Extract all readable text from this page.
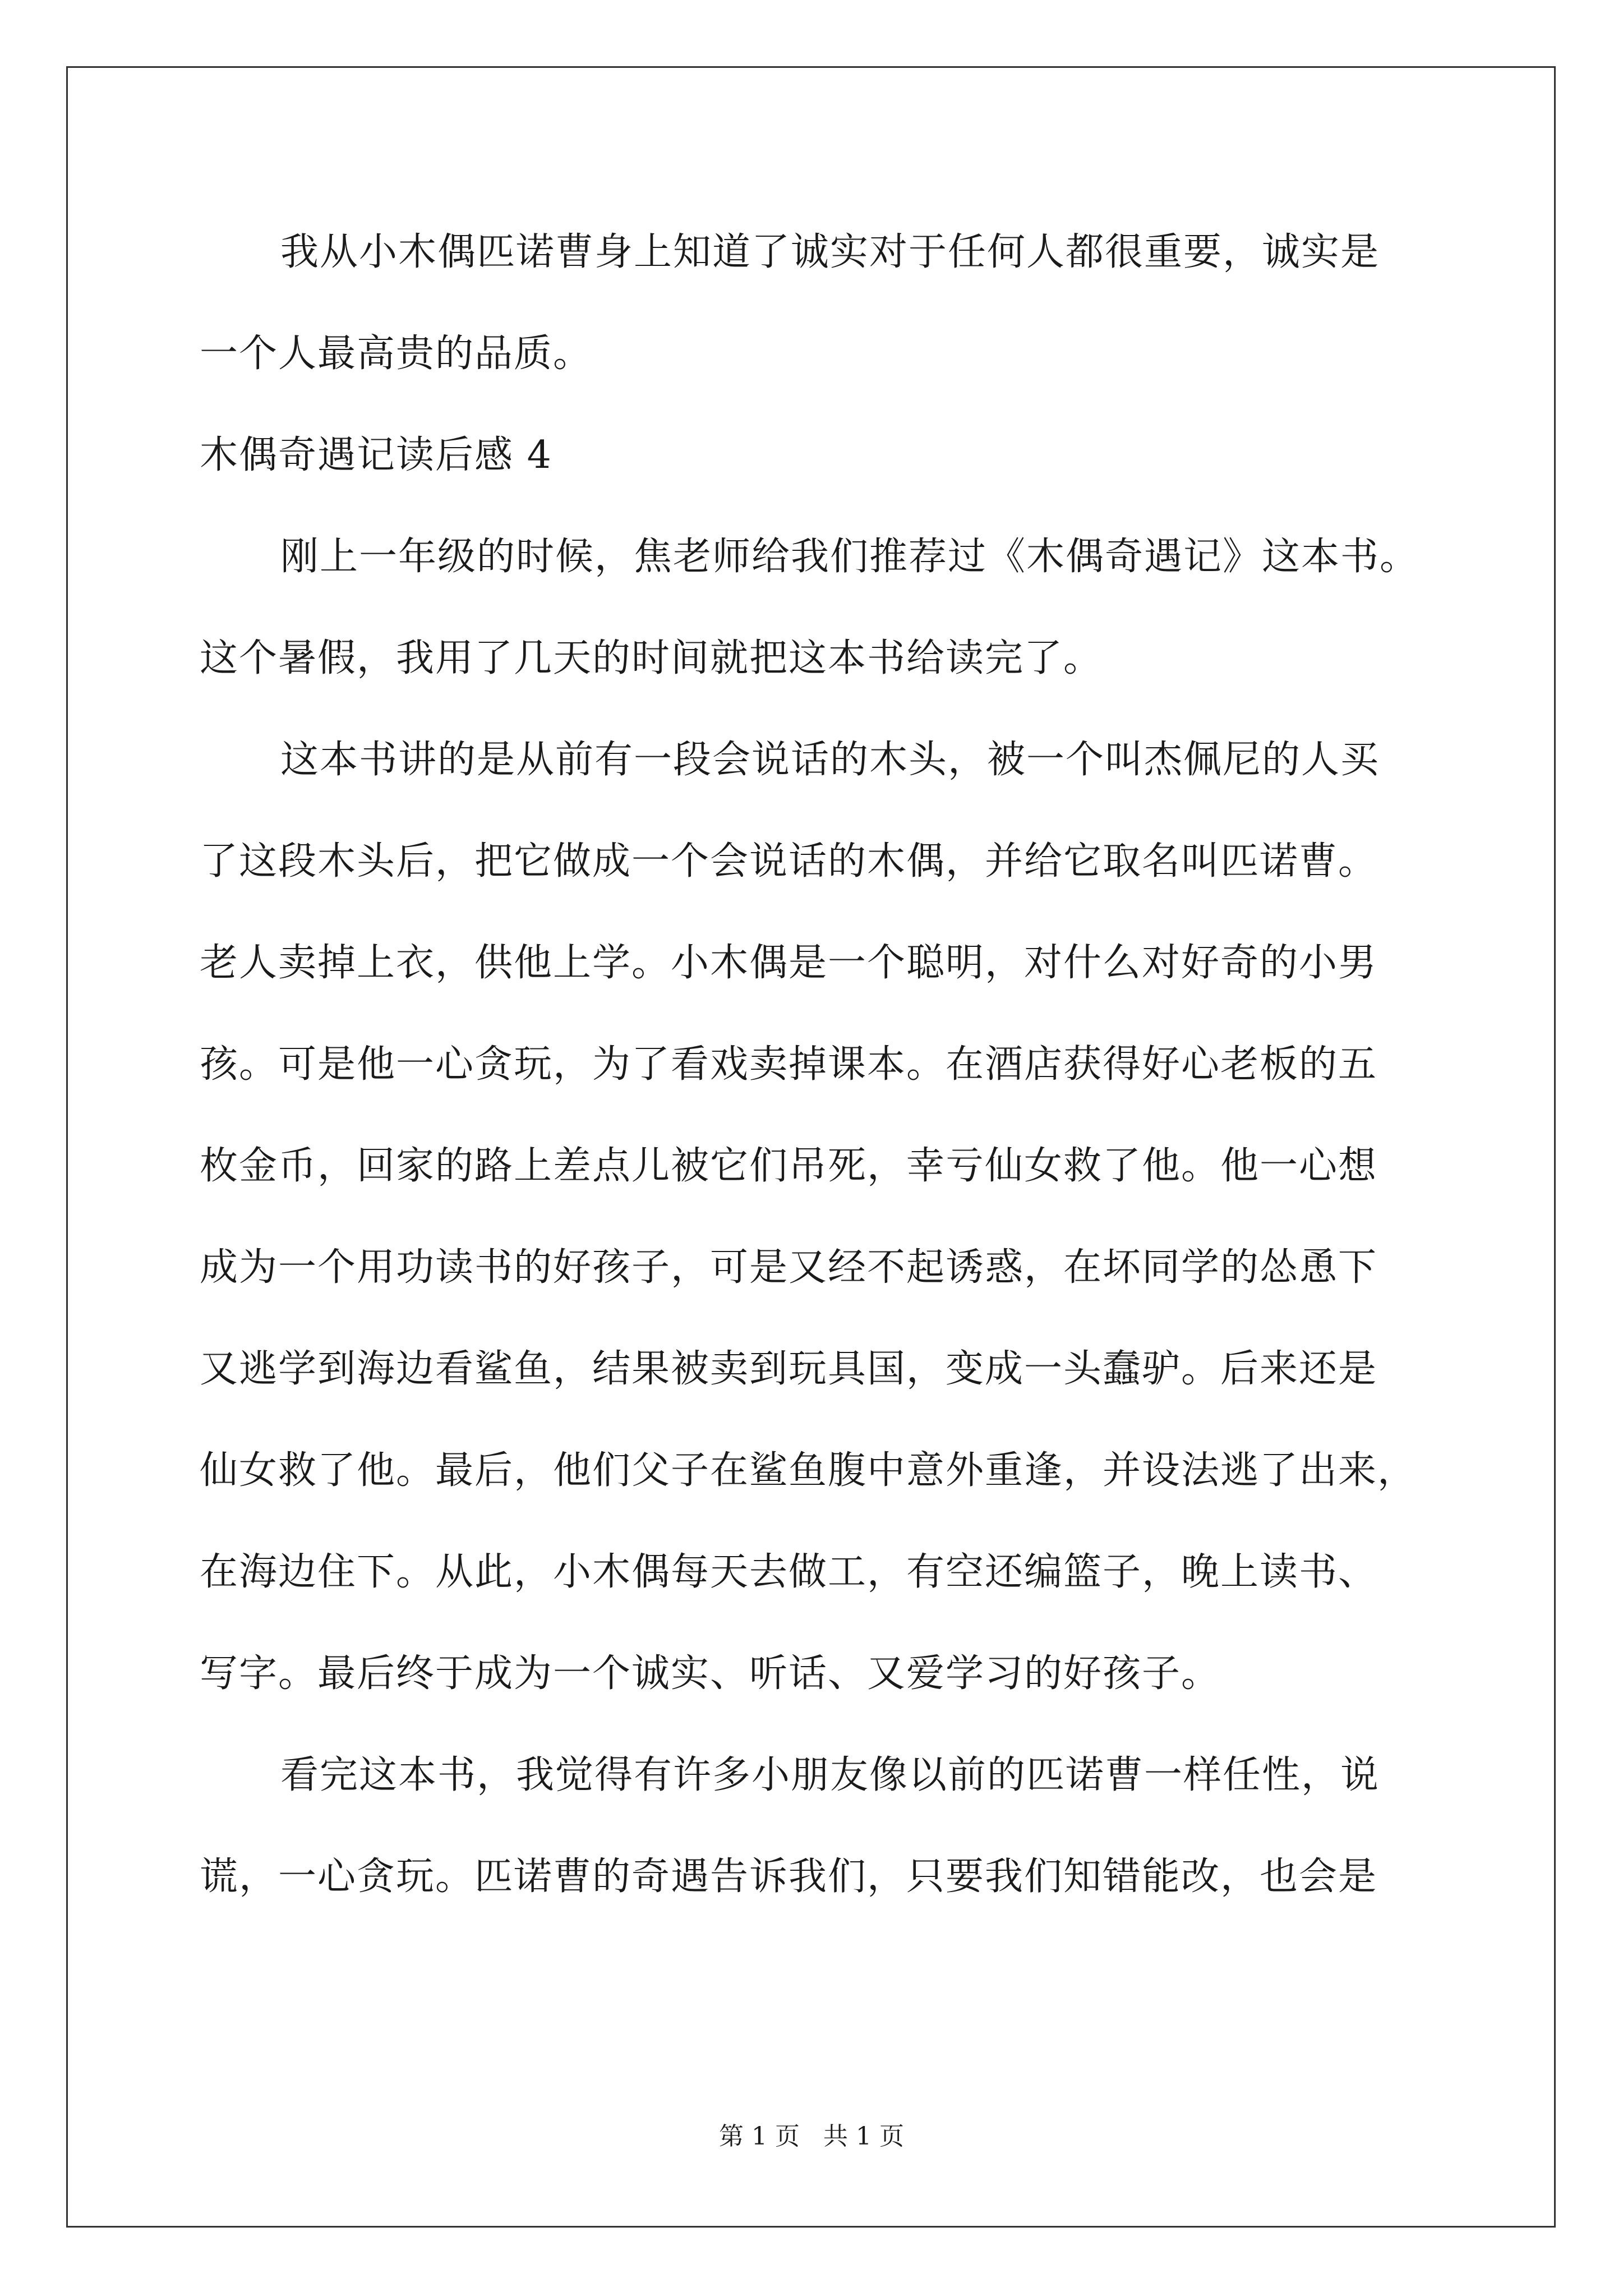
我从小木偶匹诺曹身上知道了诚实对于任何人都很重要，诚实是
一个人最高贵的品质。
木偶奇遇记读后感 4
刚上一年级的时候，焦老师给我们推荐过《木偶奇遇记》这本书。
这个暑假，我用了几天的时间就把这本书给读完了。
这本书讲的是从前有一段会说话的木头，被一个叫杰佩尼的人买
了这段木头后，把它做成一个会说话的木偶，并给它取名叫匹诺曹。
老人卖掉上衣，供他上学。小木偶是一个聪明，对什么对好奇的小男
孩。可是他一心贪玩，为了看戏卖掉课本。在酒店获得好心老板的五
枚金币，回家的路上差点儿被它们吊死，幸亏仙女救了他。他一心想
成为一个用功读书的好孩子，可是又经不起诱惑，在坏同学的怂恿下
又逃学到海边看鲨鱼，结果被卖到玩具国，变成一头蠢驴。后来还是
仙女救了他。最后，他们父子在鲨鱼腹中意外重逢，并设法逃了出来，
在海边住下。从此，小木偶每天去做工，有空还编篮子，晚上读书、
写字。最后终于成为一个诚实、听话、又爱学习的好孩子。
看完这本书，我觉得有许多小朋友像以前的匹诺曹一样任性，说
谎，一心贪玩。匹诺曹的奇遇告诉我们，只要我们知错能改，也会是
第 1 页   共 1 页
